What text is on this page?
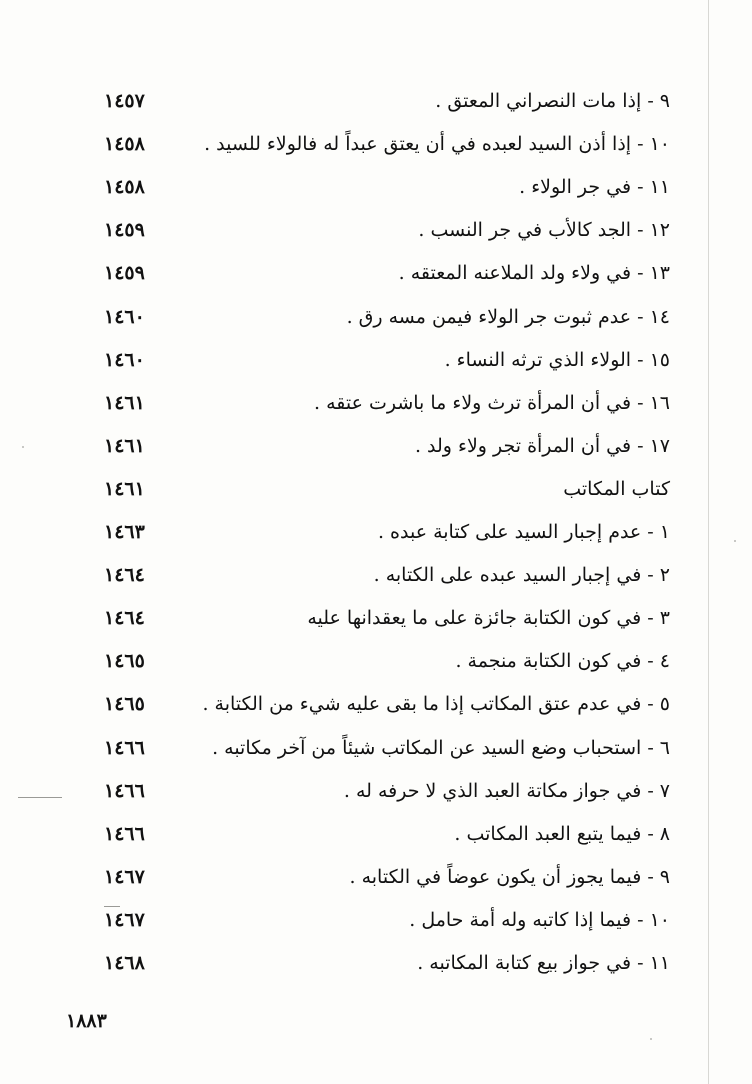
١٤٥٧	٩ - إذا مات النصراني المعتق .
١٤٥٨	١٠ - إذا أذن السيد لعبده في أن يعتق عبداً له فالولاء للسيد .
١٤٥٨	١١ - في جر الولاء .
١٤٥٩	١٢ - الجد كالأب في جر النسب .
١٤٥٩	١٣ - في ولاء ولد الملاعنه المعتقه .
١٤٦٠	١٤ - عدم ثبوت جر الولاء فيمن مسه رق .
١٤٦٠	١٥ - الولاء الذي ترثه النساء .
١٤٦١	١٦ - في أن المرأة ترث ولاء ما باشرت عتقه .
١٤٦١	١٧ - في أن المرأة تجر ولاء ولد .
١٤٦١	كتاب المكاتب
١٤٦٣	١ - عدم إجبار السيد على كتابة عبده .
١٤٦٤	٢ - في إجبار السيد عبده على الكتابه .
١٤٦٤	٣ - في كون الكتابة جائزة على ما يعقدانها عليه
١٤٦٥	٤ - في كون الكتابة منجمة .
١٤٦٥	٥ - في عدم عتق المكاتب إذا ما بقى عليه شيء من الكتابة .
١٤٦٦	٦ - استحباب وضع السيد عن المكاتب شيئاً من آخر مكاتبه .
١٤٦٦	٧ - في جواز مكاتة العبد الذي لا حرفه له .
١٤٦٦	٨ - فيما يتبع العبد المكاتب .
١٤٦٧	٩ - فيما يجوز أن يكون عوضاً في الكتابه .
١٤٦٧	١٠ - فيما إذا كاتبه وله أمة حامل .
١٤٦٨	١١ - في جواز بيع كتابة المكاتبه .
١٨٨٣
